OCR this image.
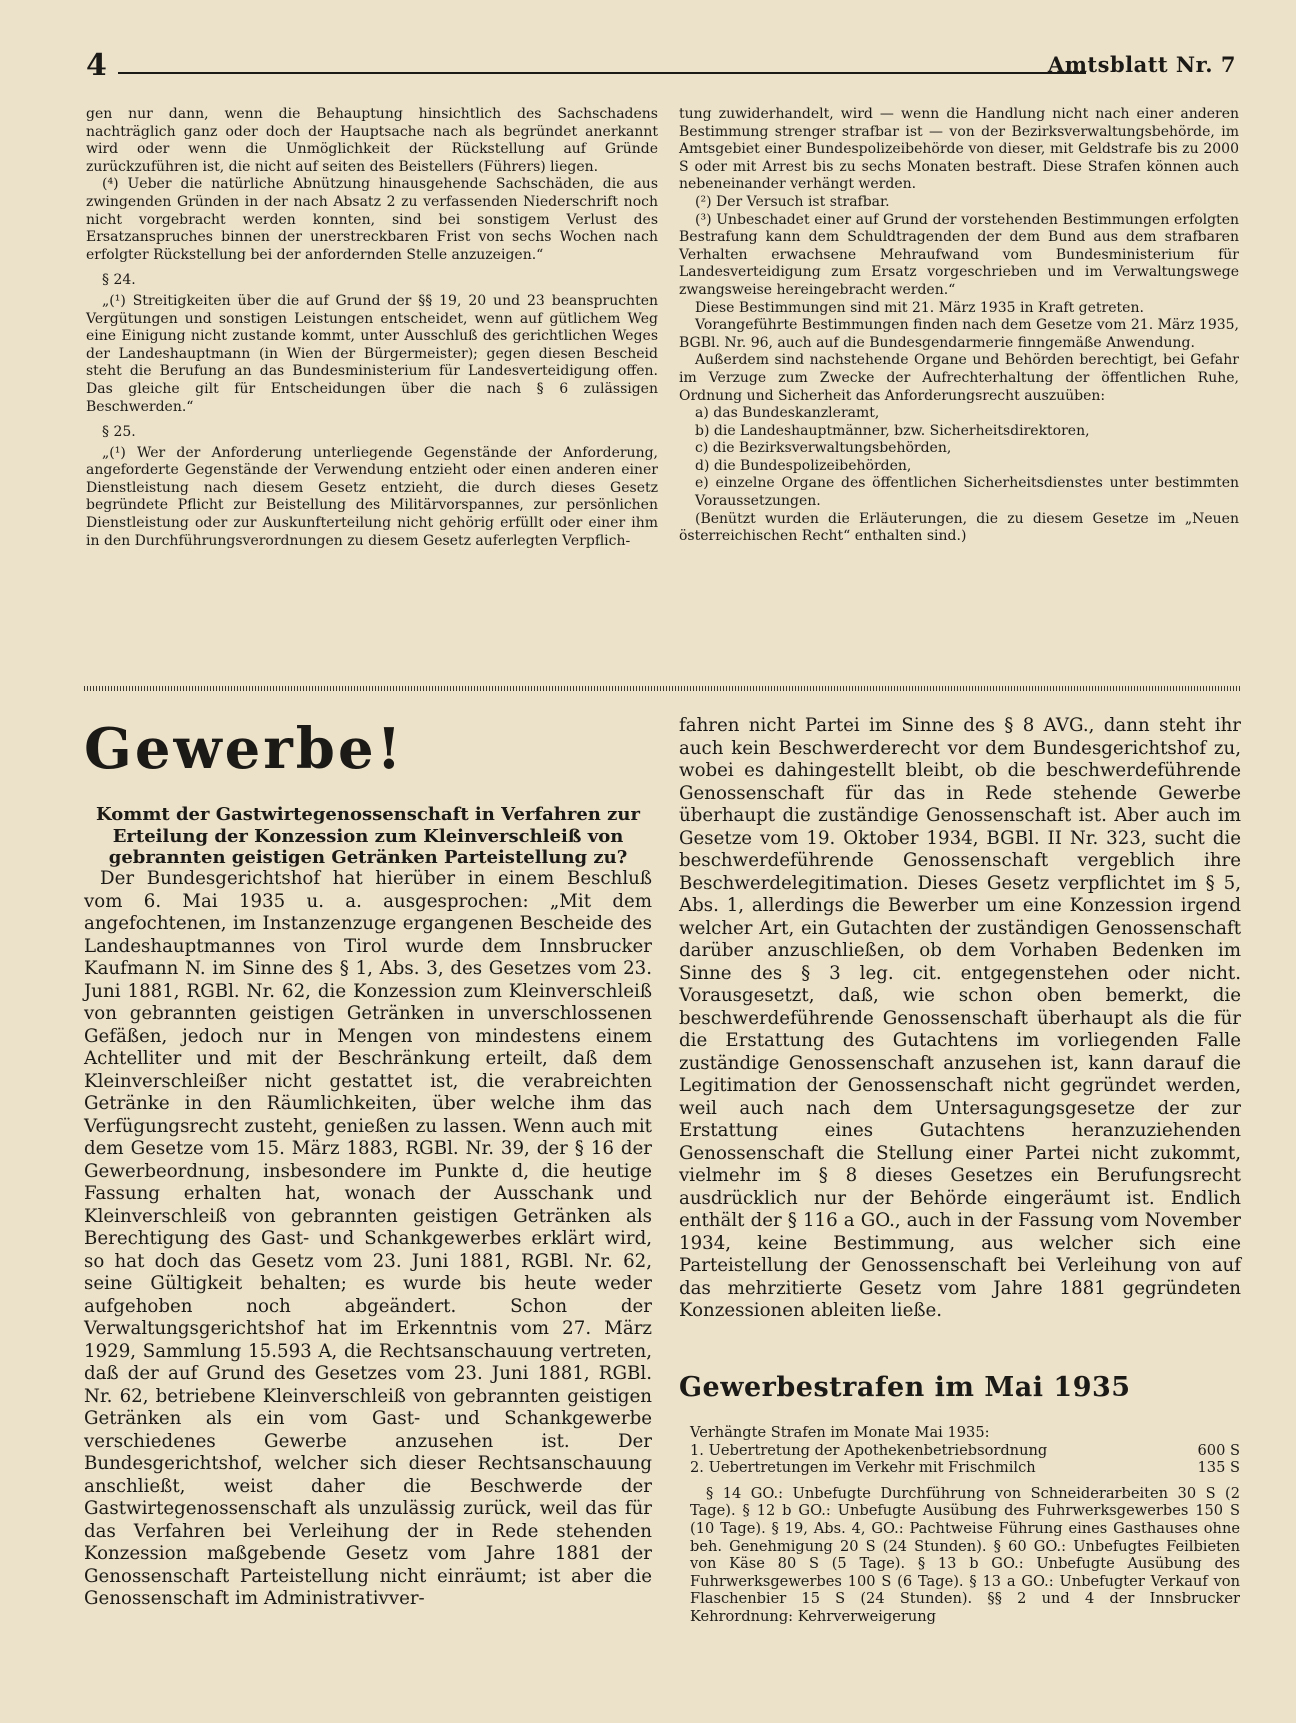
4	Amtsblatt Nr. 7

gen nur dann, wenn die Behauptung hinsichtlich des Sachschadens nachträglich ganz oder doch der Hauptsache nach als begründet anerkannt wird oder wenn die Unmöglichkeit der Rückstellung auf Gründe zurückzuführen ist, die nicht auf seiten des Beistellers (Führers) liegen.

(⁴) Ueber die natürliche Abnützung hinausgehende Sachschäden, die aus zwingenden Gründen in der nach Absatz 2 zu verfassenden Niederschrift noch nicht vorgebracht werden konnten, sind bei sonstigem Verlust des Ersatzanspruches binnen der unerstreckbaren Frist von sechs Wochen nach erfolgter Rückstellung bei der anfordernden Stelle anzuzeigen.“

§ 24.

„(¹) Streitigkeiten über die auf Grund der §§ 19, 20 und 23 beanspruchten Vergütungen und sonstigen Leistungen entscheidet, wenn auf gütlichem Weg eine Einigung nicht zustande kommt, unter Ausschluß des gerichtlichen Weges der Landeshauptmann (in Wien der Bürgermeister); gegen diesen Bescheid steht die Berufung an das Bundesministerium für Landesverteidigung offen. Das gleiche gilt für Entscheidungen über die nach § 6 zulässigen Beschwerden.“

§ 25.

„(¹) Wer der Anforderung unterliegende Gegenstände der Anforderung, angeforderte Gegenstände der Verwendung entzieht oder einen anderen einer Dienstleistung nach diesem Gesetz entzieht, die durch dieses Gesetz begründete Pflicht zur Beistellung des Militärvorspannes, zur persönlichen Dienstleistung oder zur Auskunfterteilung nicht gehörig erfüllt oder einer ihm in den Durchführungsverordnungen zu diesem Gesetz auferlegten Verpflich-

tung zuwiderhandelt, wird — wenn die Handlung nicht nach einer anderen Bestimmung strenger strafbar ist — von der Bezirksverwaltungsbehörde, im Amtsgebiet einer Bundespolizeibehörde von dieser, mit Geldstrafe bis zu 2000 S oder mit Arrest bis zu sechs Monaten bestraft. Diese Strafen können auch nebeneinander verhängt werden.

(²) Der Versuch ist strafbar.

(³) Unbeschadet einer auf Grund der vorstehenden Bestimmungen erfolgten Bestrafung kann dem Schuldtragenden der dem Bund aus dem strafbaren Verhalten erwachsene Mehraufwand vom Bundesministerium für Landesverteidigung zum Ersatz vorgeschrieben und im Verwaltungswege zwangsweise hereingebracht werden.“

Diese Bestimmungen sind mit 21. März 1935 in Kraft getreten.

Vorangeführte Bestimmungen finden nach dem Gesetze vom 21. März 1935, BGBl. Nr. 96, auch auf die Bundesgendarmerie finngemäße Anwendung.

Außerdem sind nachstehende Organe und Behörden berechtigt, bei Gefahr im Verzuge zum Zwecke der Aufrechterhaltung der öffentlichen Ruhe, Ordnung und Sicherheit das Anforderungsrecht auszuüben:

a) das Bundeskanzleramt,

b) die Landeshauptmänner, bzw. Sicherheitsdirektoren,

c) die Bezirksverwaltungsbehörden,

d) die Bundespolizeibehörden,

e) einzelne Organe des öffentlichen Sicherheitsdienstes unter bestimmten Voraussetzungen.

(Benützt wurden die Erläuterungen, die zu diesem Gesetze im „Neuen österreichischen Recht“ enthalten sind.)

Gewerbe!
Kommt der Gastwirtegenossenschaft in Verfahren zur Erteilung der Konzession zum Kleinverschleiß von gebrannten geistigen Getränken Parteistellung zu?

Der Bundesgerichtshof hat hierüber in einem Beschluß vom 6. Mai 1935 u. a. ausgesprochen: „Mit dem angefochtenen, im Instanzenzuge ergangenen Bescheide des Landeshauptmannes von Tirol wurde dem Innsbrucker Kaufmann N. im Sinne des § 1, Abs. 3, des Gesetzes vom 23. Juni 1881, RGBl. Nr. 62, die Konzession zum Kleinverschleiß von gebrannten geistigen Getränken in unverschlossenen Gefäßen, jedoch nur in Mengen von mindestens einem Achtelliter und mit der Beschränkung erteilt, daß dem Kleinverschleißer nicht gestattet ist, die verabreichten Getränke in den Räumlichkeiten, über welche ihm das Verfügungsrecht zusteht, genießen zu lassen. Wenn auch mit dem Gesetze vom 15. März 1883, RGBl. Nr. 39, der § 16 der Gewerbeordnung, insbesondere im Punkte d, die heutige Fassung erhalten hat, wonach der Ausschank und Kleinverschleiß von gebrannten geistigen Getränken als Berechtigung des Gast- und Schankgewerbes erklärt wird, so hat doch das Gesetz vom 23. Juni 1881, RGBl. Nr. 62, seine Gültigkeit behalten; es wurde bis heute weder aufgehoben noch abgeändert. Schon der Verwaltungsgerichtshof hat im Erkenntnis vom 27. März 1929, Sammlung 15.593 A, die Rechtsanschauung vertreten, daß der auf Grund des Gesetzes vom 23. Juni 1881, RGBl. Nr. 62, betriebene Kleinverschleiß von gebrannten geistigen Getränken als ein vom Gast- und Schankgewerbe verschiedenes Gewerbe anzusehen ist. Der Bundesgerichtshof, welcher sich dieser Rechtsanschauung anschließt, weist daher die Beschwerde der Gastwirtegenossenschaft als unzulässig zurück, weil das für das Verfahren bei Verleihung der in Rede stehenden Konzession maßgebende Gesetz vom Jahre 1881 der Genossenschaft Parteistellung nicht einräumt; ist aber die Genossenschaft im Administrativver-

fahren nicht Partei im Sinne des § 8 AVG., dann steht ihr auch kein Beschwerderecht vor dem Bundesgerichtshof zu, wobei es dahingestellt bleibt, ob die beschwerdeführende Genossenschaft für das in Rede stehende Gewerbe überhaupt die zuständige Genossenschaft ist. Aber auch im Gesetze vom 19. Oktober 1934, BGBl. II Nr. 323, sucht die beschwerdeführende Genossenschaft vergeblich ihre Beschwerdelegitimation. Dieses Gesetz verpflichtet im § 5, Abs. 1, allerdings die Bewerber um eine Konzession irgend welcher Art, ein Gutachten der zuständigen Genossenschaft darüber anzuschließen, ob dem Vorhaben Bedenken im Sinne des § 3 leg. cit. entgegenstehen oder nicht. Vorausgesetzt, daß, wie schon oben bemerkt, die beschwerdeführende Genossenschaft überhaupt als die für die Erstattung des Gutachtens im vorliegenden Falle zuständige Genossenschaft anzusehen ist, kann darauf die Legitimation der Genossenschaft nicht gegründet werden, weil auch nach dem Untersagungsgesetze der zur Erstattung eines Gutachtens heranzuziehenden Genossenschaft die Stellung einer Partei nicht zukommt, vielmehr im § 8 dieses Gesetzes ein Berufungsrecht ausdrücklich nur der Behörde eingeräumt ist. Endlich enthält der § 116 a GO., auch in der Fassung vom November 1934, keine Bestimmung, aus welcher sich eine Parteistellung der Genossenschaft bei Verleihung von auf das mehrzitierte Gesetz vom Jahre 1881 gegründeten Konzessionen ableiten ließe.

Gewerbestrafen im Mai 1935

Verhängte Strafen im Monate Mai 1935:

1. Uebertretung der Apothekenbetriebsordnung	600 S
2. Uebertretungen im Verkehr mit Frischmilch	135 S

§ 14 GO.: Unbefugte Durchführung von Schneiderarbeiten 30 S (2 Tage). § 12 b GO.: Unbefugte Ausübung des Fuhrwerksgewerbes 150 S (10 Tage). § 19, Abs. 4, GO.: Pachtweise Führung eines Gasthauses ohne beh. Genehmigung 20 S (24 Stunden). § 60 GO.: Unbefugtes Feilbieten von Käse 80 S (5 Tage). § 13 b GO.: Unbefugte Ausübung des Fuhrwerksgewerbes 100 S (6 Tage). § 13 a GO.: Unbefugter Verkauf von Flaschenbier 15 S (24 Stunden). §§ 2 und 4 der Innsbrucker Kehrordnung: Kehrverweigerung
